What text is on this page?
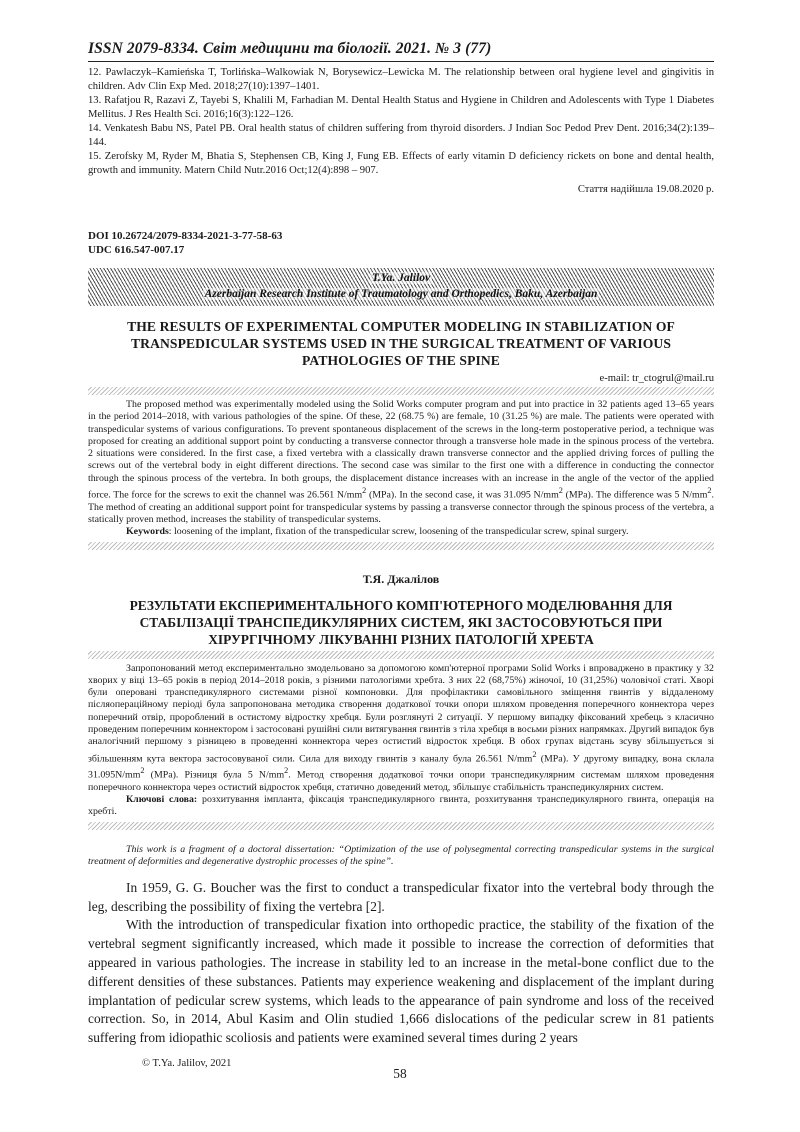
ISSN 2079-8334. Світ медицини та біології. 2021. № 3 (77)
12. Pawlaczyk–Kamieńska T, Torlińska–Walkowiak N, Borysewicz–Lewicka M. The relationship between oral hygiene level and gingivitis in children. Adv Clin Exp Med. 2018;27(10):1397–1401.
13. Rafatjou R, Razavi Z, Tayebi S, Khalili M, Farhadian M. Dental Health Status and Hygiene in Children and Adolescents with Type 1 Diabetes Mellitus. J Res Health Sci. 2016;16(3):122–126.
14. Venkatesh Babu NS, Patel PB. Oral health status of children suffering from thyroid disorders. J Indian Soc Pedod Prev Dent. 2016;34(2):139–144.
15. Zerofsky M, Ryder M, Bhatia S, Stephensen CB, King J, Fung EB. Effects of early vitamin D deficiency rickets on bone and dental health, growth and immunity. Matern Child Nutr.2016 Oct;12(4):898 – 907.
Стаття надійшла 19.08.2020 р.
DOI 10.26724/2079-8334-2021-3-77-58-63
UDC 616.547-007.17
T.Ya. Jalilov
Azerbaijan Research Institute of Traumatology and Orthopedics, Baku, Azerbaijan
THE RESULTS OF EXPERIMENTAL COMPUTER MODELING IN STABILIZATION OF TRANSPEDICULAR SYSTEMS USED IN THE SURGICAL TREATMENT OF VARIOUS PATHOLOGIES OF THE SPINE
e-mail: tr_ctogrul@mail.ru

The proposed method was experimentally modeled using the Solid Works computer program and put into practice in 32 patients aged 13–65 years in the period 2014–2018, with various pathologies of the spine. Of these, 22 (68.75 %) are female, 10 (31.25 %) are male. The patients were operated with transpedicular systems of various configurations. To prevent spontaneous displacement of the screws in the long-term postoperative period, a technique was proposed for creating an additional support point by conducting a transverse connector through a transverse hole made in the spinous process of the vertebra. 2 situations were considered. In the first case, a fixed vertebra with a classically drawn transverse connector and the applied driving forces of pulling the screws out of the vertebral body in eight different directions. The second case was similar to the first one with a difference in conducting the connector through the spinous process of the vertebra. In both groups, the displacement distance increases with an increase in the angle of the vector of the applied force. The force for the screws to exit the channel was 26.561 $N/mm^2$ (MPa). In the second case, it was 31.095 $N/mm^2$ (MPa). The difference was 5 $N/mm^2$. The method of creating an additional support point for transpedicular systems by passing a transverse connector through the spinous process of the vertebra, a statically proven method, increases the stability of transpedicular systems.

Keywords: loosening of the implant, fixation of the transpedicular screw, loosening of the transpedicular screw, spinal surgery.

Т.Я. Джалілов
РЕЗУЛЬТАТИ ЕКСПЕРИМЕНТАЛЬНОГО КОМП'ЮТЕРНОГО МОДЕЛЮВАННЯ ДЛЯ СТАБІЛІЗАЦІЇ ТРАНСПЕДИКУЛЯРНИХ СИСТЕМ, ЯКІ ЗАСТОСОВУЮТЬСЯ ПРИ ХІРУРГІЧНОМУ ЛІКУВАННІ РІЗНИХ ПАТОЛОГІЙ ХРЕБТА

Запропонований метод експериментально змодельовано за допомогою комп'ютерної програми Solid Works і впроваджено в практику у 32 хворих у віці 13–65 років в період 2014–2018 років, з різними патологіями хребта. З них 22 (68,75%) жіночої, 10 (31,25%) чоловічої статі. Хворі були оперовані транспедикулярного системами різної компоновки. Для профілактики самовільного зміщення гвинтів у віддаленому післяопераційному періоді була запропонована методика створення додаткової точки опори шляхом проведення поперечного коннектора через поперечний отвір, пророблений в остистому відростку хребця. Були розглянуті 2 ситуації. У першому випадку фіксований хребець з класично проведеним поперечним коннектором і застосовані рушійні сили витягування гвинтів з тіла хребця в восьми різних напрямках. Другий випадок був аналогічний першому з різницею в проведенні коннектора через остистий відросток хребця. В обох групах відстань зсуву збільшується зі збільшенням кута вектора застосовуваної сили. Сила для виходу гвинтів з каналу була 26.561 $N/mm^2$ (MPa). У другому випадку, вона склала $31.095N/mm^2$ (MPa). Різниця була 5 $N/mm^2$. Метод створення додаткової точки опори транспедикулярним системам шляхом проведення поперечного коннектора через остистий відросток хребця, статично доведений метод, збільшує стабільність транспедикулярних систем.

Ключові слова: розхитування імпланта, фіксація транспедикулярного гвинта, розхитування транспедикулярного гвинта, операція на хребті.

This work is a fragment of a doctoral dissertation: “Optimization of the use of polysegmental correcting transpedicular systems in the surgical treatment of deformities and degenerative dystrophic processes of the spine”.

In 1959, G. G. Boucher was the first to conduct a transpedicular fixator into the vertebral body through the leg, describing the possibility of fixing the vertebra [2].

With the introduction of transpedicular fixation into orthopedic practice, the stability of the fixation of the vertebral segment significantly increased, which made it possible to increase the correction of deformities that appeared in various pathologies. The increase in stability led to an increase in the metal-bone conflict due to the different densities of these substances. Patients may experience weakening and displacement of the implant during implantation of pedicular screw systems, which leads to the appearance of pain syndrome and loss of the received correction. So, in 2014, Abul Kasim and Olin studied 1,666 dislocations of the pedicular screw in 81 patients suffering from idiopathic scoliosis and patients were examined several times during 2 years

© T.Ya. Jalilov, 2021
58
